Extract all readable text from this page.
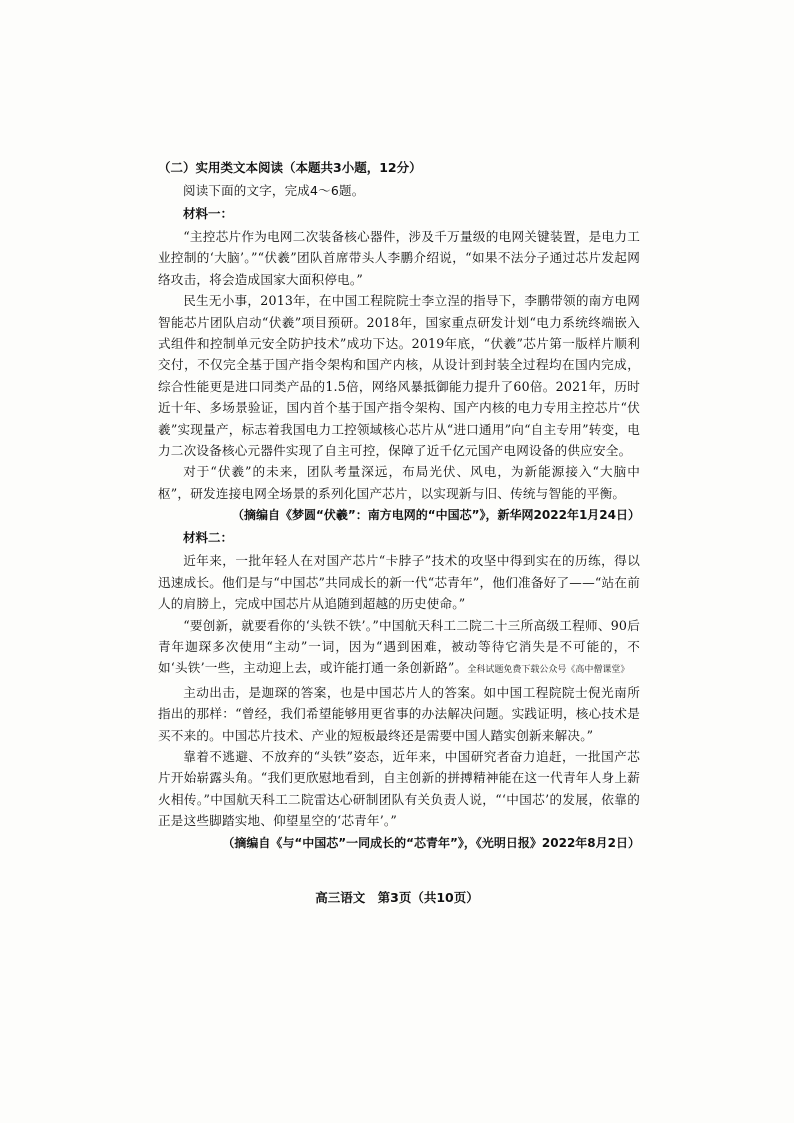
（二）实用类文本阅读（本题共3小题，12分）

阅读下面的文字，完成4～6题。

材料一：

“主控芯片作为电网二次装备核心器件，涉及千万量级的电网关键装置，是电力工业控制的‘大脑’。”“伏羲”团队首席带头人李鹏介绍说，“如果不法分子通过芯片发起网络攻击，将会造成国家大面积停电。”

民生无小事，2013年，在中国工程院院士李立浧的指导下，李鹏带领的南方电网智能芯片团队启动“伏羲”项目预研。2018年，国家重点研发计划“电力系统终端嵌入式组件和控制单元安全防护技术”成功下达。2019年底，“伏羲”芯片第一版样片顺利交付，不仅完全基于国产指令架构和国产内核，从设计到封装全过程均在国内完成，综合性能更是进口同类产品的1.5倍，网络风暴抵御能力提升了60倍。2021年，历时近十年、多场景验证，国内首个基于国产指令架构、国产内核的电力专用主控芯片“伏羲”实现量产，标志着我国电力工控领域核心芯片从“进口通用”向“自主专用”转变，电力二次设备核心元器件实现了自主可控，保障了近千亿元国产电网设备的供应安全。

对于“伏羲”的未来，团队考量深远，布局光伏、风电，为新能源接入“大脑中枢”，研发连接电网全场景的系列化国产芯片，以实现新与旧、传统与智能的平衡。

（摘编自《梦圆“伏羲”：南方电网的“中国芯”》，新华网2022年1月24日）

材料二：

近年来，一批年轻人在对国产芯片“卡脖子”技术的攻坚中得到实在的历练，得以迅速成长。他们是与“中国芯”共同成长的新一代“芯青年”，他们准备好了——“站在前人的肩膀上，完成中国芯片从追随到超越的历史使命。”

“要创新，就要看你的‘头铁不铁’。”中国航天科工二院二十三所高级工程师、90后青年迦琛多次使用“主动”一词，因为“遇到困难，被动等待它消失是不可能的，不如‘头铁’一些，主动迎上去，或许能打通一条创新路”。全科试题免费下载公众号《高中僧课堂》

主动出击，是迦琛的答案，也是中国芯片人的答案。如中国工程院院士倪光南所指出的那样：“曾经，我们希望能够用更省事的办法解决问题。实践证明，核心技术是买不来的。中国芯片技术、产业的短板最终还是需要中国人踏实创新来解决。”

靠着不逃避、不放弃的“头铁”姿态，近年来，中国研究者奋力追赶，一批国产芯片开始崭露头角。“我们更欣慰地看到，自主创新的拼搏精神能在这一代青年人身上薪火相传。”中国航天科工二院雷达心研制团队有关负责人说，“‘中国芯’的发展，依靠的正是这些脚踏实地、仰望星空的‘芯青年’。”

（摘编自《与“中国芯”一同成长的“芯青年”》，《光明日报》2022年8月2日）

高三语文 第3页（共10页）
